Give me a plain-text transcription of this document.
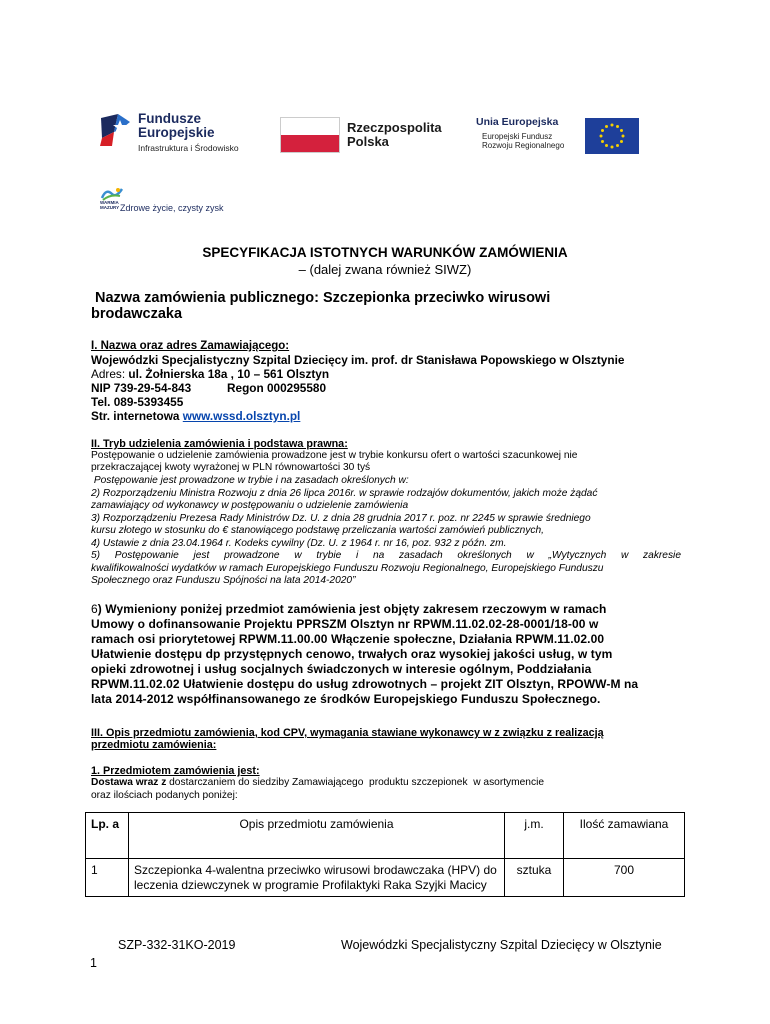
Fundusze
Europejskie
Infrastruktura i Środowisko
Rzeczpospolita
Polska
Unia Europejska
Europejski Fundusz
Rozwoju Regionalnego
WARMIA
MAZURY Zdrowe życie, czysty zysk
SPECYFIKACJA ISTOTNYCH WARUNKÓW ZAMÓWIENIA
– (dalej zwana również SIWZ)
Nazwa zamówienia publicznego: Szczepionka przeciwko wirusowi
brodawczaka
I. Nazwa oraz adres Zamawiającego:
Wojewódzki Specjalistyczny Szpital Dziecięcy im. prof. dr Stanisława Popowskiego w Olsztynie
Adres: ul. Żołnierska 18a , 10 – 561 Olsztyn
NIP 739-29-54-843	Regon 000295580
Tel. 089-5393455
Str. internetowa www.wssd.olsztyn.pl
II. Tryb udzielenia zamówienia i podstawa prawna:
Postępowanie o udzielenie zamówienia prowadzone jest w trybie konkursu ofert o wartości szacunkowej nie
przekraczającej kwoty wyrażonej w PLN równowartości 30 tyś
Postępowanie jest prowadzone w trybie i na zasadach określonych w:
2) Rozporządzeniu Ministra Rozwoju z dnia 26 lipca 2016r. w sprawie rodzajów dokumentów, jakich może żądać
zamawiający od wykonawcy w postępowaniu o udzielenie zamówienia
3) Rozporządzeniu Prezesa Rady Ministrów Dz. U. z dnia 28 grudnia 2017 r. poz. nr 2245 w sprawie średniego
kursu złotego w stosunku do € stanowiącego podstawę przeliczania wartości zamówień publicznych,
4) Ustawie z dnia 23.04.1964 r. Kodeks cywilny (Dz. U. z 1964 r. nr 16, poz. 932 z późn. zm.
5) Postępowanie jest prowadzone w trybie i na zasadach określonych w „Wytycznych w zakresie
kwalifikowalności wydatków w ramach Europejskiego Funduszu Rozwoju Regionalnego, Europejskiego Funduszu
Społecznego oraz Funduszu Spójności na lata 2014-2020”
6) Wymieniony poniżej przedmiot zamówienia jest objęty zakresem rzeczowym w ramach
Umowy o dofinansowanie Projektu PPRSZM Olsztyn nr RPWM.11.02.02-28-0001/18-00 w
ramach osi priorytetowej RPWM.11.00.00 Włączenie społeczne, Działania RPWM.11.02.00
Ułatwienie dostępu dp przystępnych cenowo, trwałych oraz wysokiej jakości usług, w tym
opieki zdrowotnej i usług socjalnych świadczonych w interesie ogólnym, Poddziałania
RPWM.11.02.02 Ułatwienie dostępu do usług zdrowotnych – projekt ZIT Olsztyn, RPOWW-M na
lata 2014-2012 współfinansowanego ze środków Europejskiego Funduszu Społecznego.
III. Opis przedmiotu zamówienia, kod CPV, wymagania stawiane wykonawcy w z związku z realizacją
przedmiotu zamówienia:
1. Przedmiotem zamówienia jest:
Dostawa wraz z dostarczaniem do siedziby Zamawiającego  produktu szczepionek  w asortymencie
oraz ilościach podanych poniżej:
Lp. a	Opis przedmiotu zamówienia	j.m.	Ilość zamawiana
1	Szczepionka 4-walentna przeciwko wirusowi brodawczaka (HPV) do leczenia dziewczynek w programie Profilaktyki Raka Szyjki Macicy	sztuka	700
SZP-332-31KO-2019	Wojewódzki Specjalistyczny Szpital Dziecięcy w Olsztynie
1
